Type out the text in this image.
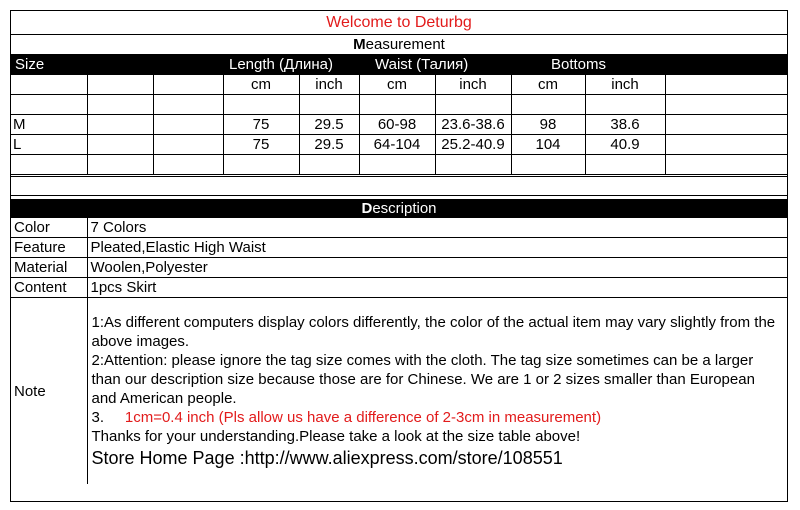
Welcome to Deturbg
Measurement
Size	Length (Длина)	Waist (Талия)	Bottoms
			cm	inch	cm	inch	cm	inch	

M			75	29.5	60-98	23.6-38.6	98	38.6	
L			75	29.5	64-104	25.2-40.9	104	40.9	

Description
Color	7 Colors
Feature	Pleated,Elastic High Waist
Material	Woolen,Polyester
Content	1pcs Skirt
Note	1:As different computers display colors differently, the color of the actual item may vary slightly from the above images.

2:Attention: please ignore the tag size comes with the cloth. The tag size sometimes can be a larger than our description size because those are for Chinese. We are 1 or 2 sizes smaller than European and American people.

3. 1cm=0.4 inch (Pls allow us have a difference of 2-3cm in measurement)

Thanks for your understanding.Please take a look at the size table above!

Store Home Page :http://www.aliexpress.com/store/108551
